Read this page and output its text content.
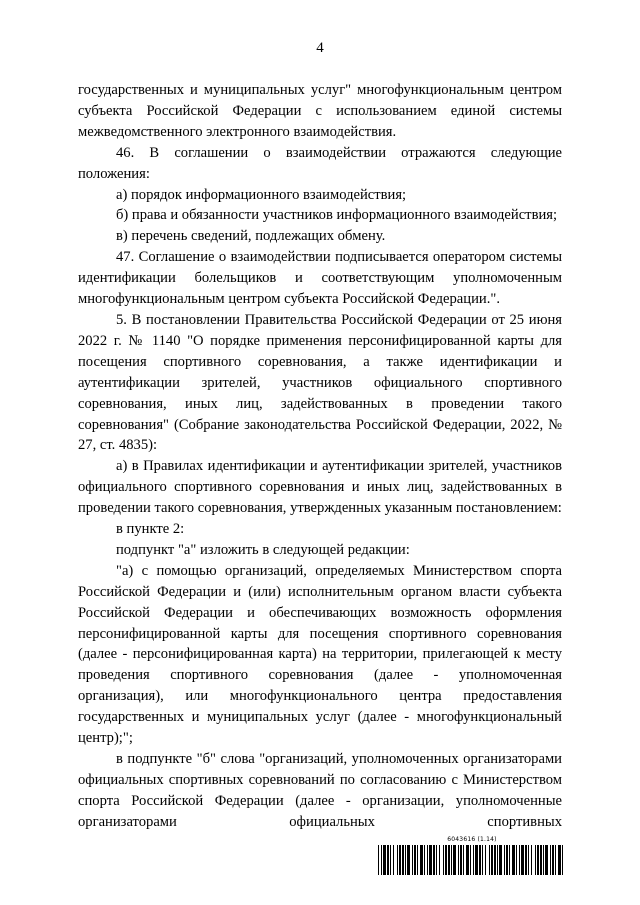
4

государственных и муниципальных услуг" многофункциональным центром субъекта Российской Федерации с использованием единой системы межведомственного электронного взаимодействия.

46. В соглашении о взаимодействии отражаются следующие положения:

а) порядок информационного взаимодействия;

б) права и обязанности участников информационного взаимодействия;

в) перечень сведений, подлежащих обмену.

47. Соглашение о взаимодействии подписывается оператором системы идентификации болельщиков и соответствующим уполномоченным многофункциональным центром субъекта Российской Федерации.".

5. В постановлении Правительства Российской Федерации от 25 июня 2022 г. № 1140 "О порядке применения персонифицированной карты для посещения спортивного соревнования, а также идентификации и аутентификации зрителей, участников официального спортивного соревнования, иных лиц, задействованных в проведении такого соревнования" (Собрание законодательства Российской Федерации, 2022, № 27, ст. 4835):

а) в Правилах идентификации и аутентификации зрителей, участников официального спортивного соревнования и иных лиц, задействованных в проведении такого соревнования, утвержденных указанным постановлением:

в пункте 2:

подпункт "а" изложить в следующей редакции:

"а) с помощью организаций, определяемых Министерством спорта Российской Федерации и (или) исполнительным органом власти субъекта Российской Федерации и обеспечивающих возможность оформления персонифицированной карты для посещения спортивного соревнования (далее - персонифицированная карта) на территории, прилегающей к месту проведения спортивного соревнования (далее - уполномоченная организация), или многофункционального центра предоставления государственных и муниципальных услуг (далее - многофункциональный центр);";

в подпункте "б" слова "организаций, уполномоченных организаторами официальных спортивных соревнований по согласованию с Министерством спорта Российской Федерации (далее - организации, уполномоченные организаторами официальных спортивных

6043616 (1.14)
